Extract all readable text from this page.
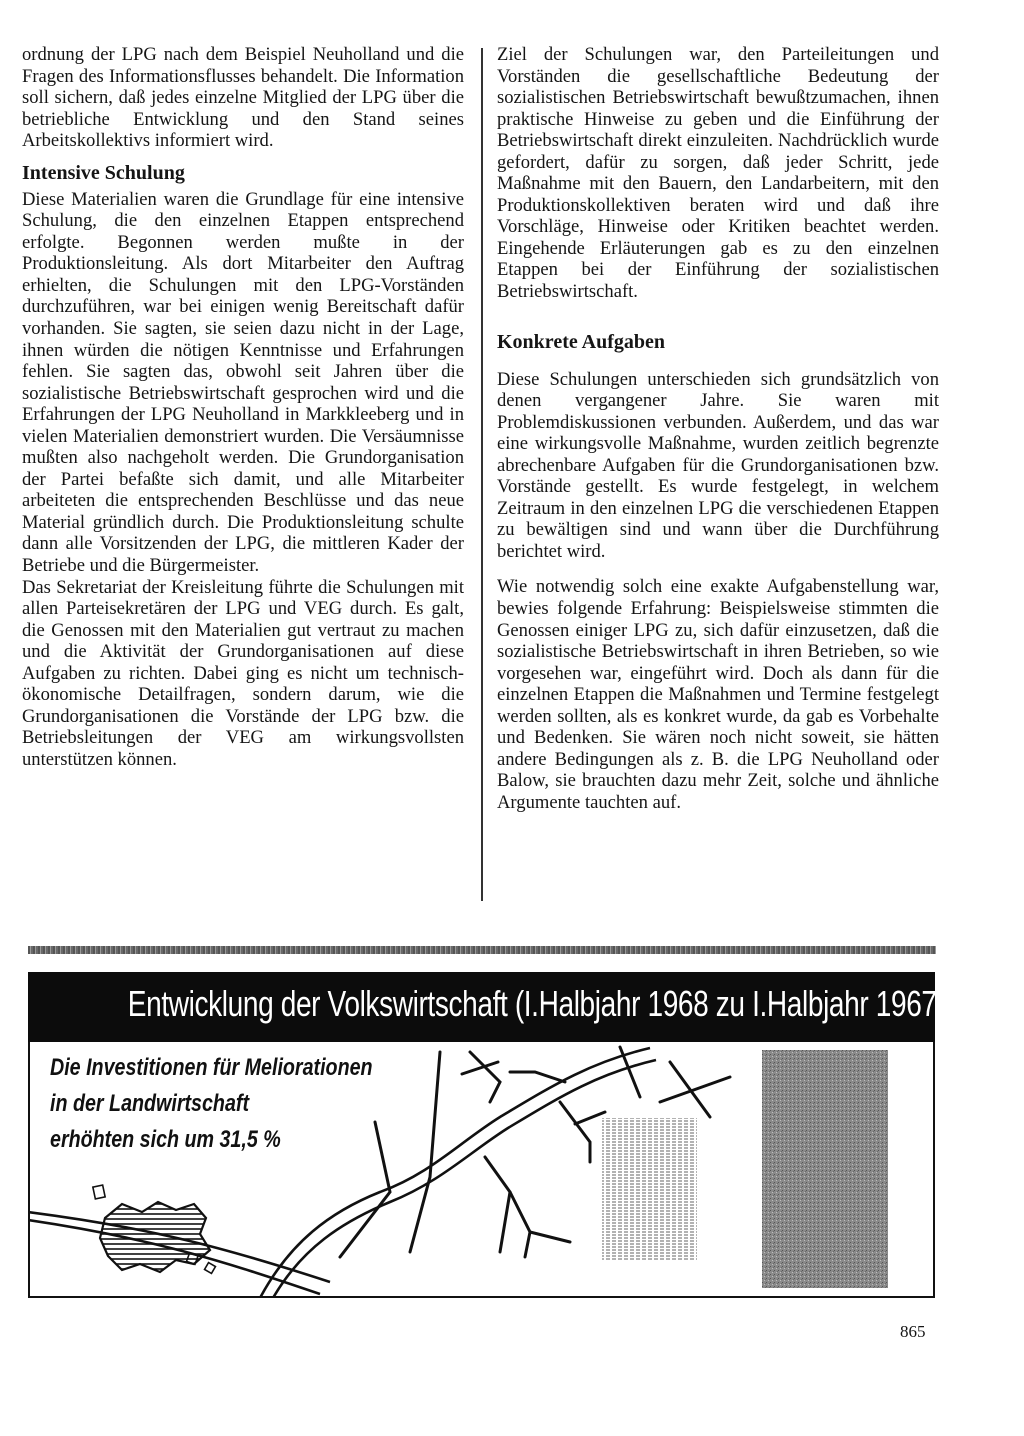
ordnung der LPG nach dem Beispiel Neuholland und die Fragen des Informationsflusses behandelt. Die Information soll sichern, daß jedes einzelne Mitglied der LPG über die betriebliche Entwicklung und den Stand seines Arbeitskollektivs informiert wird.

Intensive Schulung

Diese Materialien waren die Grundlage für eine intensive Schulung, die den einzelnen Etappen entsprechend erfolgte. Begonnen werden mußte in der Produktionsleitung. Als dort Mitarbeiter den Auftrag erhielten, die Schulungen mit den LPG-Vorständen durchzuführen, war bei einigen wenig Bereitschaft dafür vorhanden. Sie sagten, sie seien dazu nicht in der Lage, ihnen würden die nötigen Kenntnisse und Erfahrungen fehlen. Sie sagten das, obwohl seit Jahren über die sozialistische Betriebswirtschaft gesprochen wird und die Erfahrungen der LPG Neuholland in Markkleeberg und in vielen Materialien demonstriert wurden. Die Versäumnisse mußten also nachgeholt werden. Die Grundorganisation der Partei befaßte sich damit, und alle Mitarbeiter arbeiteten die entsprechenden Beschlüsse und das neue Material gründlich durch. Die Produktionsleitung schulte dann alle Vorsitzenden der LPG, die mittleren Kader der Betriebe und die Bürgermeister.

Das Sekretariat der Kreisleitung führte die Schulungen mit allen Parteisekretären der LPG und VEG durch. Es galt, die Genossen mit den Materialien gut vertraut zu machen und die Aktivität der Grundorganisationen auf diese Aufgaben zu richten. Dabei ging es nicht um technisch-ökonomische Detailfragen, sondern darum, wie die Grundorganisationen die Vorstände der LPG bzw. die Betriebsleitungen der VEG am wirkungsvollsten unterstützen können.

Ziel der Schulungen war, den Parteileitungen und Vorständen die gesellschaftliche Bedeutung der sozialistischen Betriebswirtschaft bewußtzumachen, ihnen praktische Hinweise zu geben und die Einführung der Betriebswirtschaft direkt einzuleiten. Nachdrücklich wurde gefordert, dafür zu sorgen, daß jeder Schritt, jede Maßnahme mit den Bauern, den Landarbeitern, mit den Produktionskollektiven beraten wird und daß ihre Vorschläge, Hinweise oder Kritiken beachtet werden. Eingehende Erläuterungen gab es zu den einzelnen Etappen bei der Einführung der sozialistischen Betriebswirtschaft.

Konkrete Aufgaben

Diese Schulungen unterschieden sich grundsätzlich von denen vergangener Jahre. Sie waren mit Problemdiskussionen verbunden. Außerdem, und das war eine wirkungsvolle Maßnahme, wurden zeitlich begrenzte abrechenbare Aufgaben für die Grundorganisationen bzw. Vorstände gestellt. Es wurde festgelegt, in welchem Zeitraum in den einzelnen LPG die verschiedenen Etappen zu bewältigen sind und wann über die Durchführung berichtet wird.

Wie notwendig solch eine exakte Aufgabenstellung war, bewies folgende Erfahrung: Beispielsweise stimmten die Genossen einiger LPG zu, sich dafür einzusetzen, daß die sozialistische Betriebswirtschaft in ihren Betrieben, so wie vorgesehen war, eingeführt wird. Doch als dann für die einzelnen Etappen die Maßnahmen und Termine festgelegt werden sollten, als es konkret wurde, da gab es Vorbehalte und Bedenken. Sie wären noch nicht soweit, sie hätten andere Bedingungen als z. B. die LPG Neuholland oder Balow, sie brauchten dazu mehr Zeit, solche und ähnliche Argumente tauchten auf.

Entwicklung der Volkswirtschaft (I.Halbjahr 1968 zu I.Halbjahr 1967)
Die Investitionen für Meliorationen
in der Landwirtschaft
erhöhten sich um 31,5 %
865
